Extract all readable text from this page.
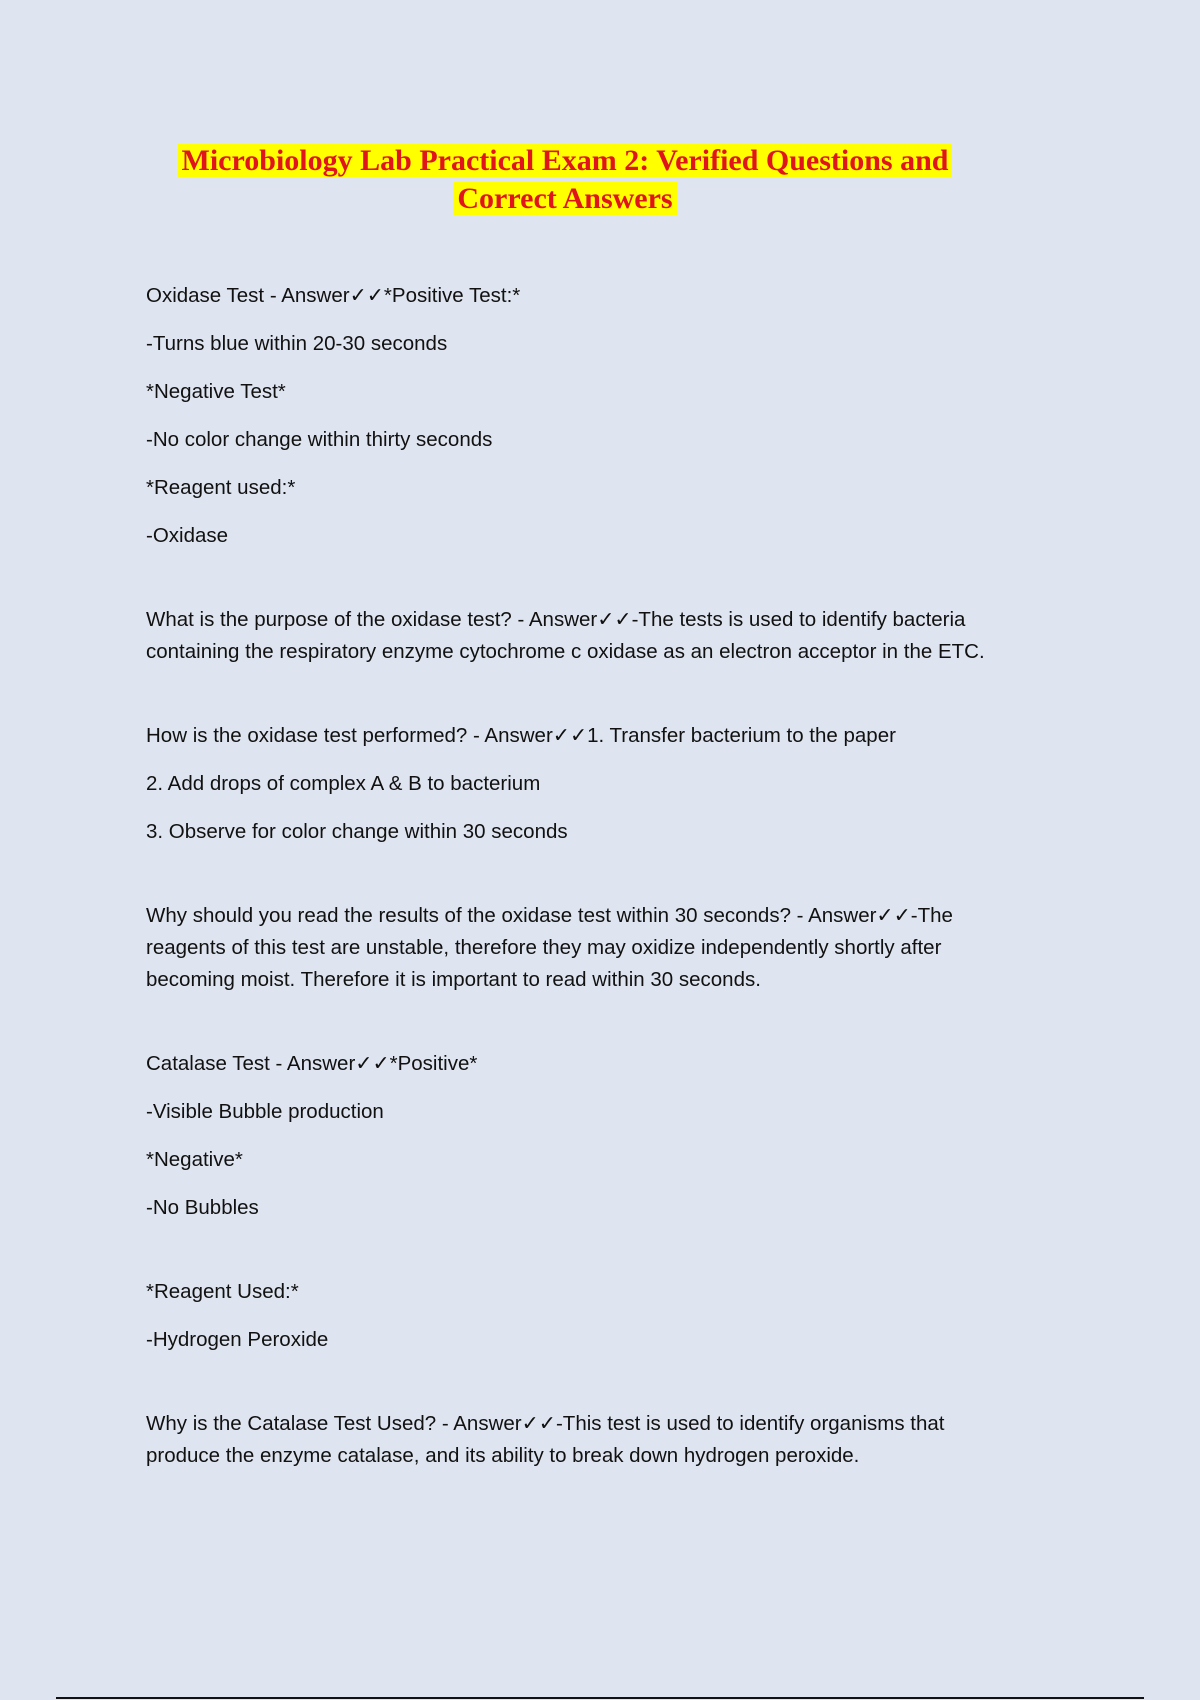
Microbiology Lab Practical Exam 2: Verified Questions and
Correct Answers

Oxidase Test - Answer✓✓*Positive Test:*

-Turns blue within 20-30 seconds

*Negative Test*

-No color change within thirty seconds

*Reagent used:*

-Oxidase

What is the purpose of the oxidase test? - Answer✓✓-The tests is used to identify bacteria

containing the respiratory enzyme cytochrome c oxidase as an electron acceptor in the ETC.

How is the oxidase test performed? - Answer✓✓1. Transfer bacterium to the paper

2. Add drops of complex A & B to bacterium

3. Observe for color change within 30 seconds

Why should you read the results of the oxidase test within 30 seconds? - Answer✓✓-The

reagents of this test are unstable, therefore they may oxidize independently shortly after

becoming moist. Therefore it is important to read within 30 seconds.

Catalase Test - Answer✓✓*Positive*

-Visible Bubble production

*Negative*

-No Bubbles

*Reagent Used:*

-Hydrogen Peroxide

Why is the Catalase Test Used? - Answer✓✓-This test is used to identify organisms that

produce the enzyme catalase, and its ability to break down hydrogen peroxide.
